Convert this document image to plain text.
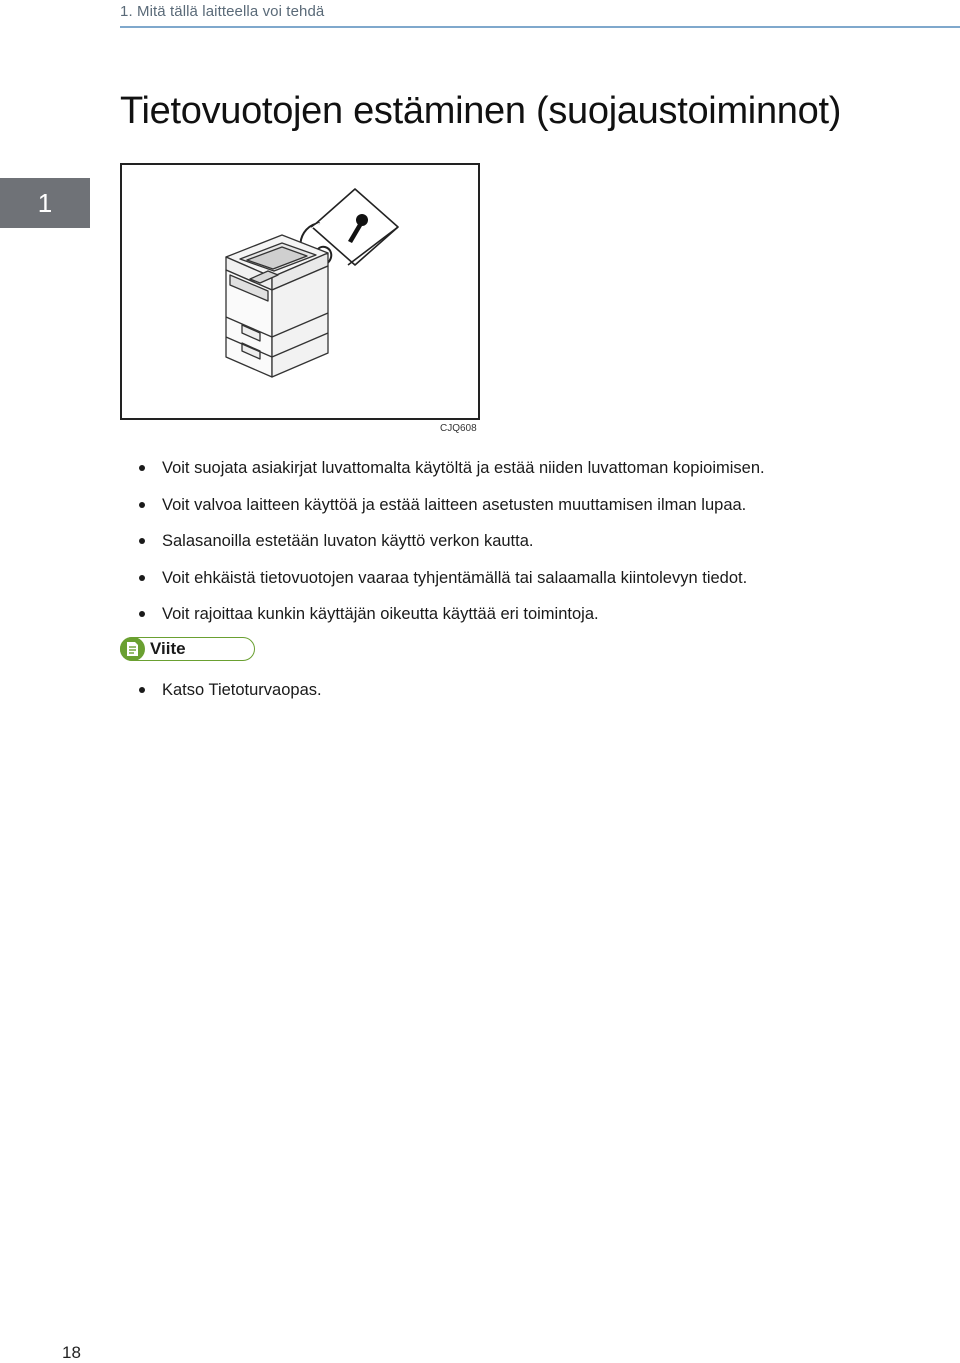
1. Mitä tällä laitteella voi tehdä
1
Tietovuotojen estäminen (suojaustoiminnot)
CJQ608
Voit suojata asiakirjat luvattomalta käytöltä ja estää niiden luvattoman kopioimisen.
Voit valvoa laitteen käyttöä ja estää laitteen asetusten muuttamisen ilman lupaa.
Salasanoilla estetään luvaton käyttö verkon kautta.
Voit ehkäistä tietovuotojen vaaraa tyhjentämällä tai salaamalla kiintolevyn tiedot.
Voit rajoittaa kunkin käyttäjän oikeutta käyttää eri toimintoja.
Viite
Katso Tietoturvaopas.
18
